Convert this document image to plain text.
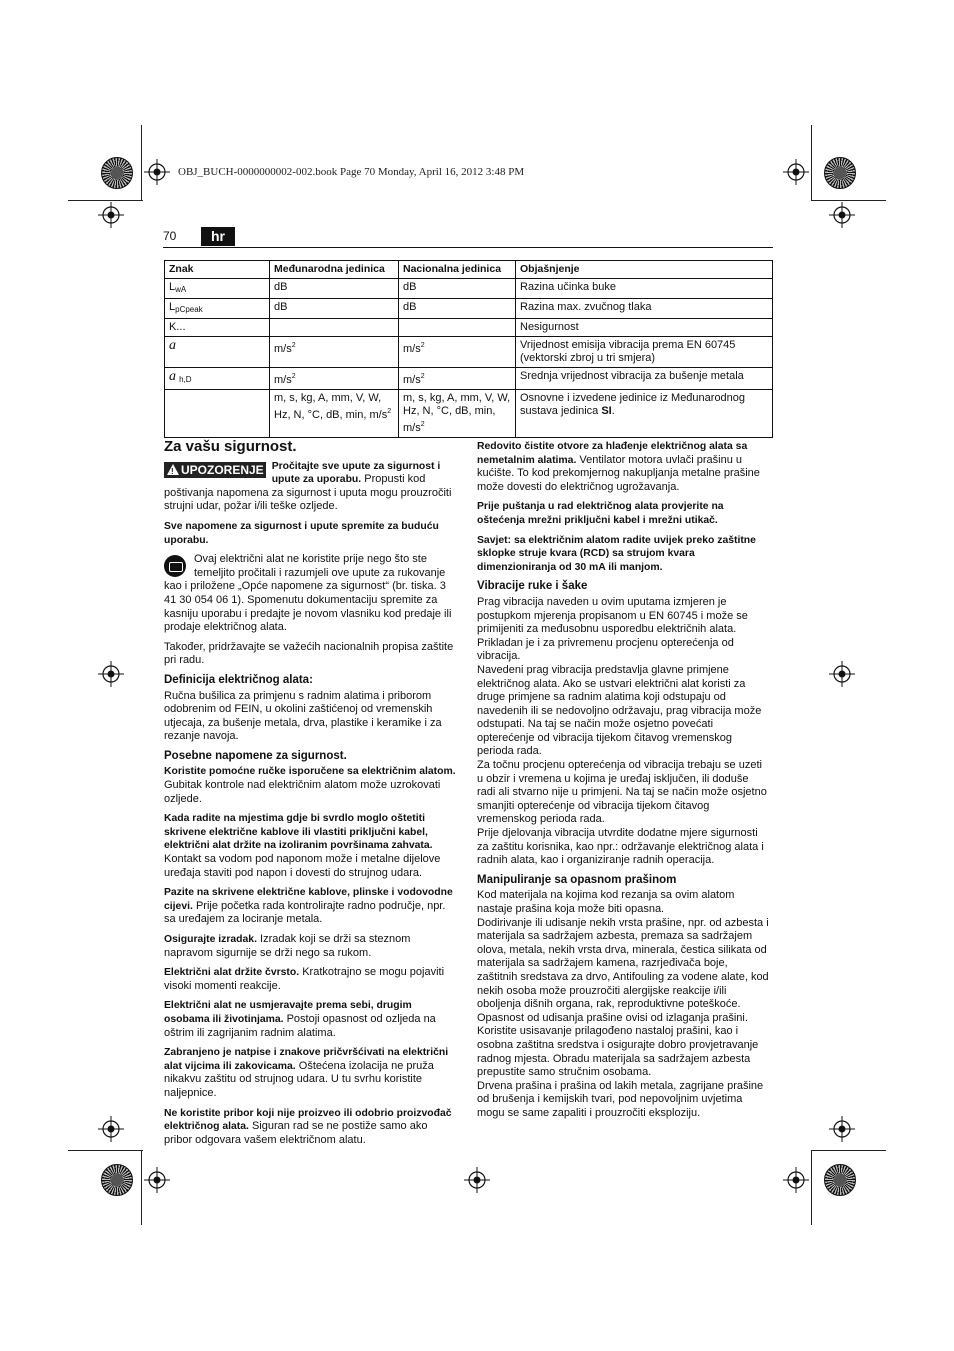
OBJ_BUCH-0000000002-002.book Page 70 Monday, April 16, 2012 3:48 PM
70	hr
Znak	Međunarodna jedinica	Nacionalna jedinica	Objašnjenje
$L_{wA}$	dB	dB	Razina učinka buke
$L_{pCpeak}$	dB	dB	Razina max. zvučnog tlaka
K...			Nesigurnost
a	$m/s^2$	$m/s^2$	Vrijednost emisija vibracija prema EN 60745 (vektorski zbroj u tri smjera)
a $_{h,D}$	$m/s^2$	$m/s^2$	Srednja vrijednost vibracija za bušenje metala
	m, s, kg, A, mm, V, W, Hz, N, °C, dB, min, $m/s^2$	m, s, kg, A, mm, V, W, Hz, N, °C, dB, min, $m/s^2$	Osnovne i izvedene jedinice iz Međunarodnog sustava jedinica SI.
Za vašu sigurnost.

!UPOZORENJE Pročitajte sve upute za sigurnost i upute za uporabu. Propusti kod poštivanja napomena za sigurnost i uputa mogu prouzročiti strujni udar, požar i/ili teške ozljede.

Sve napomene za sigurnost i upute spremite za buduću uporabu.

Ovaj električni alat ne koristite prije nego što ste temeljito pročitali i razumjeli ove upute za rukovanje kao i priložene „Opće napomene za sigurnost“ (br. tiska. 3 41 30 054 06 1). Spomenutu dokumentaciju spremite za kasniju uporabu i predajte je novom vlasniku kod predaje ili prodaje električnog alata.

Također, pridržavajte se važećih nacionalnih propisa zaštite pri radu.

Definicija električnog alata:

Ručna bušilica za primjenu s radnim alatima i priborom odobrenim od FEIN, u okolini zaštićenoj od vremenskih utjecaja, za bušenje metala, drva, plastike i keramike i za rezanje navoja.

Posebne napomene za sigurnost.

Koristite pomoćne ručke isporučene sa električnim alatom. Gubitak kontrole nad električnim alatom može uzrokovati ozljede.

Kada radite na mjestima gdje bi svrdlo moglo oštetiti skrivene električne kablove ili vlastiti priključni kabel, električni alat držite na izoliranim površinama zahvata. Kontakt sa vodom pod naponom može i metalne dijelove uređaja staviti pod napon i dovesti do strujnog udara.

Pazite na skrivene električne kablove, plinske i vodovodne cijevi. Prije početka rada kontrolirajte radno područje, npr. sa uređajem za lociranje metala.

Osigurajte izradak. Izradak koji se drži sa steznom napravom sigurnije se drži nego sa rukom.

Električni alat držite čvrsto. Kratkotrajno se mogu pojaviti visoki momenti reakcije.

Električni alat ne usmjeravajte prema sebi, drugim osobama ili životinjama. Postoji opasnost od ozljeda na oštrim ili zagrijanim radnim alatima.

Zabranjeno je natpise i znakove pričvršćivati na električni alat vijcima ili zakovicama. Oštećena izolacija ne pruža nikakvu zaštitu od strujnog udara. U tu svrhu koristite naljepnice.

Ne koristite pribor koji nije proizveo ili odobrio proizvođač električnog alata. Siguran rad se ne postiže samo ako pribor odgovara vašem električnom alatu.

Redovito čistite otvore za hlađenje električnog alata sa nemetalnim alatima. Ventilator motora uvlači prašinu u kućište. To kod prekomjernog nakupljanja metalne prašine može dovesti do električnog ugrožavanja.

Prije puštanja u rad električnog alata provjerite na oštećenja mrežni priključni kabel i mrežni utikač.

Savjet: sa električnim alatom radite uvijek preko zaštitne sklopke struje kvara (RCD) sa strujom kvara dimenzioniranja od 30 mA ili manjom.

Vibracije ruke i šake

Prag vibracija naveden u ovim uputama izmjeren je postupkom mjerenja propisanom u EN 60745 i može se primijeniti za međusobnu usporedbu električnih alata. Prikladan je i za privremenu procjenu opterećenja od vibracija.

Navedeni prag vibracija predstavlja glavne primjene električnog alata. Ako se ustvari električni alat koristi za druge primjene sa radnim alatima koji odstupaju od navedenih ili se nedovoljno održavaju, prag vibracija može odstupati. Na taj se način može osjetno povećati opterećenje od vibracija tijekom čitavog vremenskog perioda rada.

Za točnu procjenu opterećenja od vibracija trebaju se uzeti u obzir i vremena u kojima je uređaj isključen, ili doduše radi ali stvarno nije u primjeni. Na taj se način može osjetno smanjiti opterećenje od vibracija tijekom čitavog vremenskog perioda rada.

Prije djelovanja vibracija utvrdite dodatne mjere sigurnosti za zaštitu korisnika, kao npr.: održavanje električnog alata i radnih alata, kao i organiziranje radnih operacija.

Manipuliranje sa opasnom prašinom

Kod materijala na kojima kod rezanja sa ovim alatom nastaje prašina koja može biti opasna.

Dodirivanje ili udisanje nekih vrsta prašine, npr. od azbesta i materijala sa sadržajem azbesta, premaza sa sadržajem olova, metala, nekih vrsta drva, minerala, čestica silikata od materijala sa sadržajem kamena, razrjeđivača boje, zaštitnih sredstava za drvo, Antifouling za vodene alate, kod nekih osoba može prouzročiti alergijske reakcije i/ili oboljenja dišnih organa, rak, reproduktivne poteškoće. Opasnost od udisanja prašine ovisi od izlaganja prašini. Koristite usisavanje prilagođeno nastaloj prašini, kao i osobna zaštitna sredstva i osigurajte dobro provjetravanje radnog mjesta. Obradu materijala sa sadržajem azbesta prepustite samo stručnim osobama.

Drvena prašina i prašina od lakih metala, zagrijane prašine od brušenja i kemijskih tvari, pod nepovoljnim uvjetima mogu se same zapaliti i prouzročiti eksploziju.
